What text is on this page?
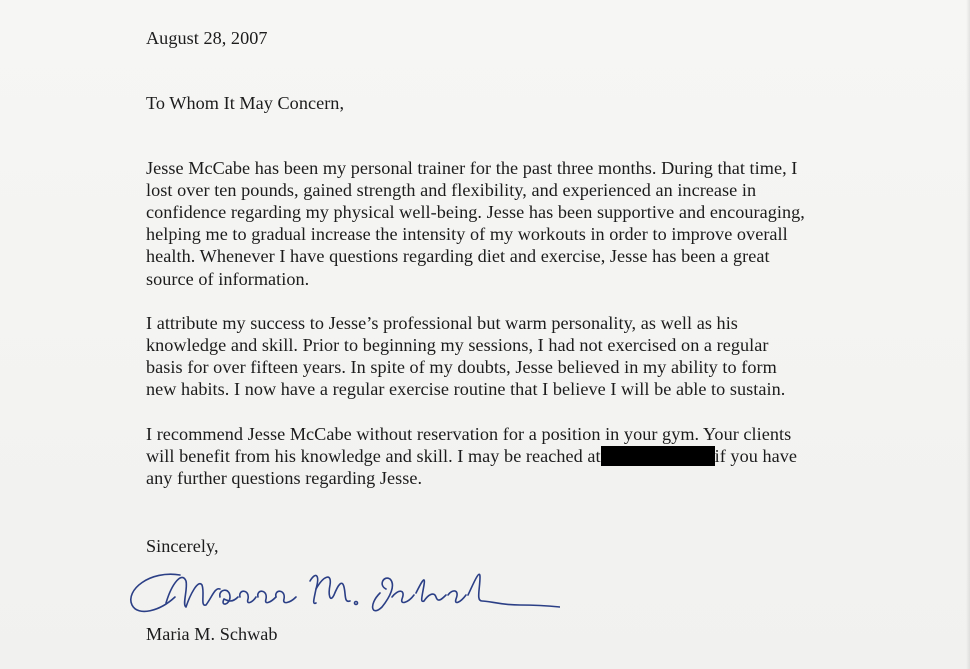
August 28, 2007
To Whom It May Concern,
Jesse McCabe has been my personal trainer for the past three months. During that time, I
lost over ten pounds, gained strength and flexibility, and experienced an increase in
confidence regarding my physical well-being. Jesse has been supportive and encouraging,
helping me to gradual increase the intensity of my workouts in order to improve overall
health. Whenever I have questions regarding diet and exercise, Jesse has been a great
source of information.
I attribute my success to Jesse’s professional but warm personality, as well as his
knowledge and skill. Prior to beginning my sessions, I had not exercised on a regular
basis for over fifteen years. In spite of my doubts, Jesse believed in my ability to form
new habits. I now have a regular exercise routine that I believe I will be able to sustain.
I recommend Jesse McCabe without reservation for a position in your gym. Your clients
will benefit from his knowledge and skill. I may be reached at	if you have
any further questions regarding Jesse.
Sincerely,
Maria M. Schwab
